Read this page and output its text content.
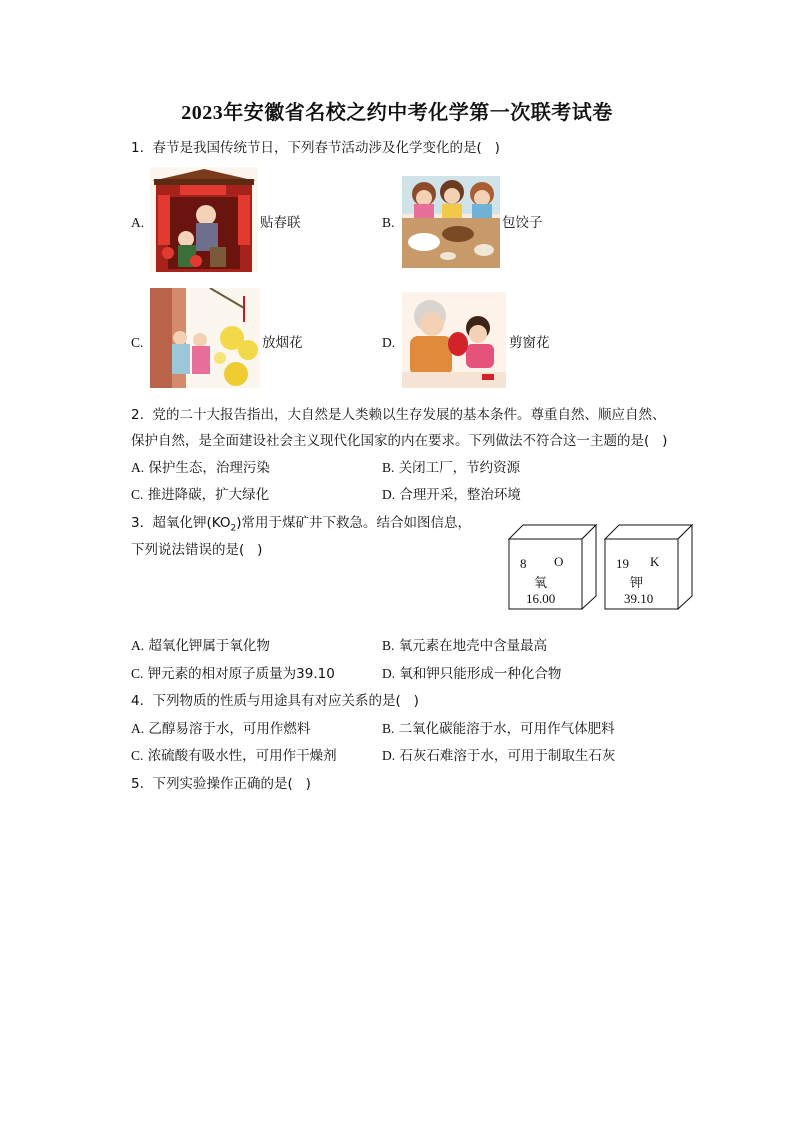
2023年安徽省名校之约中考化学第一次联考试卷
1.  春节是我国传统节日，下列春节活动涉及化学变化的是(   )
A.	贴春联	B.	包饺子
C.	放烟花	D.	剪窗花
2.  党的二十大报告指出，大自然是人类赖以生存发展的基本条件。尊重自然、顺应自然、
保护自然，是全面建设社会主义现代化国家的内在要求。下列做法不符合这一主题的是(   )
A. 保护生态，治理污染	B. 关闭工厂，节约资源
C. 推进降碳，扩大绿化	D. 合理开采，整治环境
3.  超氧化钾$(KO_2)$常用于煤矿井下救急。结合如图信息，
下列说法错误的是(   )
8 O
氧
16.00
19 K
钾
39.10
A. 超氧化钾属于氧化物	B. 氧元素在地壳中含量最高
C. 钾元素的相对原子质量为39.10	D. 氧和钾只能形成一种化合物
4.  下列物质的性质与用途具有对应关系的是(   )
A. 乙醇易溶于水，可用作燃料	B. 二氧化碳能溶于水，可用作气体肥料
C. 浓硫酸有吸水性，可用作干燥剂	D. 石灰石难溶于水，可用于制取生石灰
5.  下列实验操作正确的是(   )
